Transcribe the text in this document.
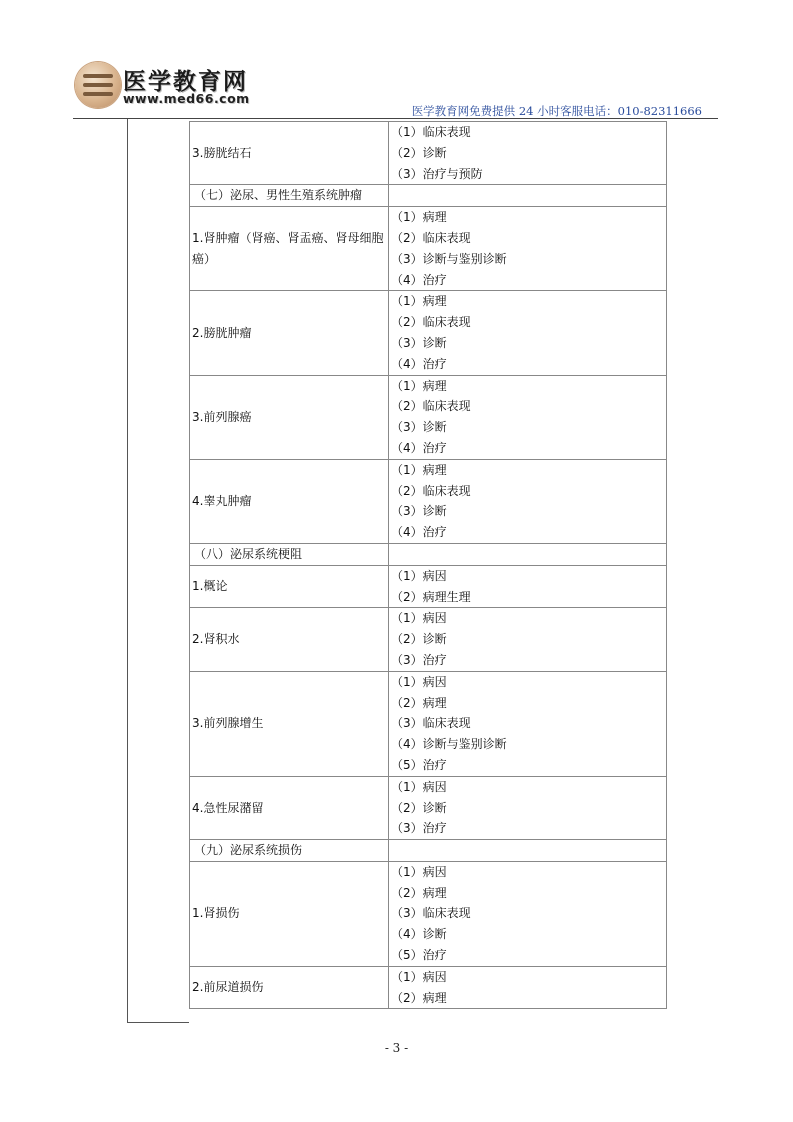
医学教育网
www.med66.com
医学教育网免费提供 24 小时客服电话：010-82311666
3.膀胱结石	（1）临床表现
（2）诊断
（3）治疗与预防

（七）泌尿、男性生殖系统肿瘤	
1.肾肿瘤（肾癌、肾盂癌、肾母细胞癌）	（1）病理
（2）临床表现
（3）诊断与鉴别诊断
（4）治疗

2.膀胱肿瘤	（1）病理
（2）临床表现
（3）诊断
（4）治疗

3.前列腺癌	（1）病理
（2）临床表现
（3）诊断
（4）治疗

4.睾丸肿瘤	（1）病理
（2）临床表现
（3）诊断
（4）治疗

（八）泌尿系统梗阻	
1.概论	（1）病因
（2）病理生理

2.肾积水	（1）病因
（2）诊断
（3）治疗

3.前列腺增生	（1）病因
（2）病理
（3）临床表现
（4）诊断与鉴别诊断
（5）治疗

4.急性尿潴留	（1）病因
（2）诊断
（3）治疗

（九）泌尿系统损伤	
1.肾损伤	（1）病因
（2）病理
（3）临床表现
（4）诊断
（5）治疗

2.前尿道损伤	（1）病因
（2）病理
- 3 -
